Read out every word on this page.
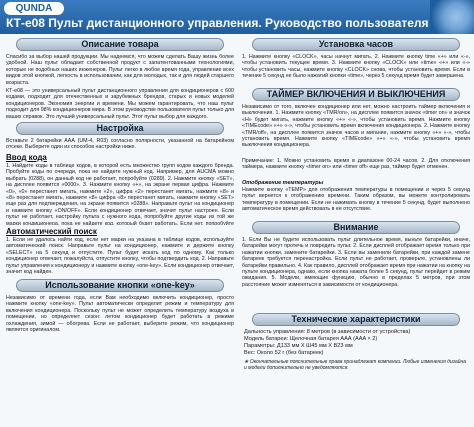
QUNDA
КТ-е08 Пульт дистанционного управления. Руководство пользователя
Описание товара

Спасибо за выбор нашей продукции. Мы надеемся, что можем сделать Вашу жизнь более удобной. Наш пульт обладает собственной продукт с запатентованными технологиями, которые не подобных наших инженеров. Пульт легко в любое время года, управление всех видов этой кнопкой, легкость в использовании, как для молодых, так и для людей старшего возраста.

КТ-е08 — это универсальный пульт дистанционного управления для кондиционеров с 600 кодами, подходит для отечественных и зарубежных брендов, старых и новых моделей кондиционеров. Экономия энергии и времени. Мы можем гарантировать, что наш пульт подходит для 98% кондиционеров мира. В этом руководстве пользователя пульт только для ваших справок. Это лучший универсальный пульт. Этот пульт выбор для каждого.

Настройка

Вставьте 2 батарейки ААА (UM-4, R03) согласно полярности, указанной на батарейном отсеке. Выберите один из способов настройки ниже.

Ввод кода

1. Найдите коды в таблице кодов, в которой есть множество групп кодов каждого бренда. Пробуйте коды по очереди, пока не найдете нужный код. Например, для AUCMA можно выбрать (0288), он данный код не работает, попробуйте (0289). 2. Нажмите кнопку «SET», на дисплее появится «0000». 3. Нажмите кнопку «+», на экране первая цифра. Нажмите «0», «0» перестанет мигать, нажмите «2», цифра «2» перестанет мигать, нажмите «8» и «8» перестанет мигать, нажмите «8» цифра «8» перестанет мигать, нажмите кнопку «SET» еще раз для подтверждения, на экране появится «0288». Направьте пульт на кондиционер и нажмите кнопку «ON/OFF». Если кондиционер отвечает, значит пульт настроен. Если пульт не работает, настройку пульта с нужного кода, попробуйте другие коды из той же марки кондиционера, пока не найдете код, который будет работать. Если нет, попробуйте

Автоматический поиск

1. Если не удалось найти код, если нет марки на указана в таблице кодов, используйте автоматический поиск. Направьте пульт на кондиционер, нажмите и держите кнопку «SELECT» на 5 секунд и отпустите. Пульт будет искать код по одному. Как только кондиционер отвечает, пожалуйста, отпустите кнопку, чтобы подтвердить код. 2. Направьте пульт управления к кондиционеру и нажмите кнопку «one-key». Если кондиционер отвечает, значит код найден.

Использование кнопки «one-key»

Независимо от времени года, если Вам необходимо включить кондиционер, просто нажмите кнопку «one-key». Пульт автоматически определит режим и температуру для включения кондиционера. Поскольку пульт не может определить температуру воздуха в помещении, но определяет сезон: летом кондиционер будет работать в режиме охлаждения, зимой — обогрева. Если не работает, выберите режим, что кондиционер является оригиналом.

Установка часов

1. Нажмите кнопку «CLOCK», часы начнут мигать. 2. Нажмите кнопку time «+» или «-», чтобы установить текущее время. 3. Нажмите кнопку «CLOCK» или «time» «+» или «-» чтобы установить часы, нажмите кнопку «CLOCK» снова, чтобы установить время. Если в течение 5 секунд не было нажатий кнопки «time», через 5 секунд время будет завершена.

ТАЙМЕР ВКЛЮЧЕНИЯ И ВЫКЛЮЧЕНИЯ

Независимо от того, включен кондиционер или нет, можно настроить таймер включения и выключения. 1. Нажмите кнопку «TMR/on», на дисплее появится значок «timer on» и значок «H» будет мигать, нажмите кнопку «+» «-», чтобы установить время. Нажмите кнопку «TIMEcode» «+» «-», чтобы установить время включения кондиционера. 2. Нажмите кнопку «TMR/off», на дисплее появится значок часов и мигание, нажмите кнопку «+» «-», чтобы установить время. Нажмите кнопку «TIMEcode» «+» «-», чтобы установить время выключения кондиционера.

Примечание: 1. Можно установить время в диапазоне 00-24 часов. 2. Для отключения таймера, нажмите кнопку «timer on» или «timer off» еще раз, таймер будет отменен.

Отображение температуры

Нажмите кнопку «TEMP» для отображения температуры в помещении и через 5 секунд пульт вернется к отображению времени. Таким образом, вы можете контролировать температуру в помещении. Если не нажимать кнопку в течение 5 секунд, будет выполнено автоматическое время действовать в ее отсутствие.

Внимание

1. Если Вы не будете использовать пульт длительное время, выньте батарейки, иначе, батарейки могут протечь и повредить пульт. 2. Если дисплей отображает время только при нажатии кнопки, замените батарейки. 3. Если вы заменили батарейки, при каждой замене батареек требуется перенастройка. Если пульт не работает, проверьте, установлены ли батарейки правильно. 4. Как правило, дисплей отображает время при нажатии на кнопку на пульте кондиционера, однако, если кнопка нажата более 5 секунд, пульт перейдет в режим ожидания. 5. Модели, имеющие функцию, обычно в пределах 5 метров, при этом расстояние может изменяться в зависимости от кондиционера.

Технические характеристики
Дальность управления: 8 метров (в зависимости от устройства)
Модель батареи: Щелочная батарея ААА (AAA × 2)
Параметры: Д133 мм Х Ш45 мм Х В23 мм
Вес: Около 52 г (без батареек)

★ Окончательные пояснительные права принадлежат компании. Любые изменения дизайна и модели дополнительно не уведомляются.
